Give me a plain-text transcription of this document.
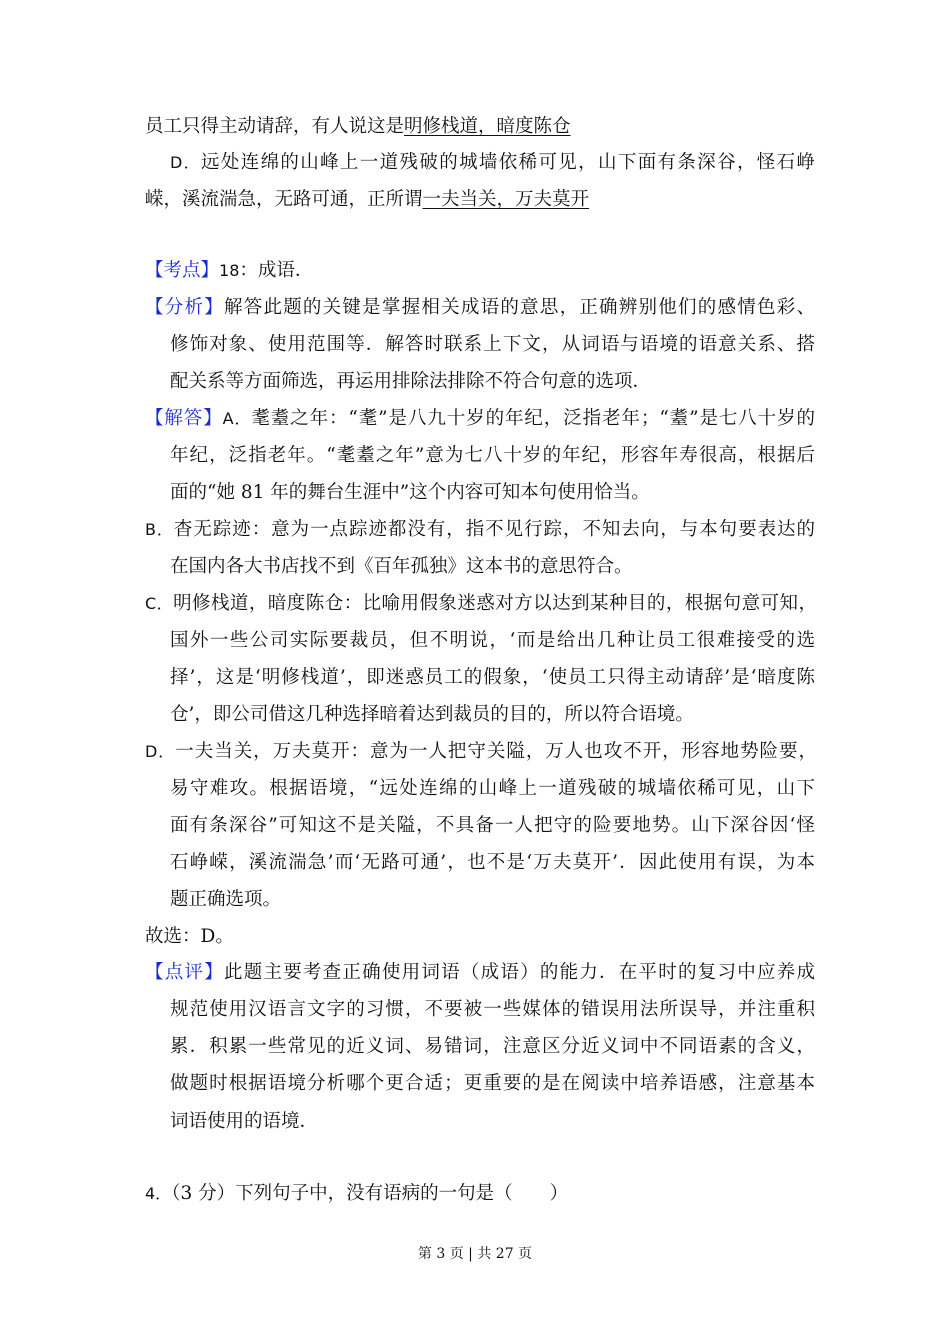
员工只得主动请辞，有人说这是明修栈道，暗度陈仓
D．远处连绵的山峰上一道残破的城墙依稀可见，山下面有条深谷，怪石峥
嵘，溪流湍急，无路可通，正所谓一夫当关，万夫莫开
【考点】18：成语．
【分析】解答此题的关键是掌握相关成语的意思，正确辨别他们的感情色彩、
修饰对象、使用范围等．解答时联系上下文，从词语与语境的语意关系、搭
配关系等方面筛选，再运用排除法排除不符合句意的选项．
【解答】A．耄耋之年：“耄”是八九十岁的年纪，泛指老年；“耋”是七八十岁的
年纪，泛指老年。“耄耋之年”意为七八十岁的年纪，形容年寿很高，根据后
面的“她 81 年的舞台生涯中”这个内容可知本句使用恰当。
B．杳无踪迹：意为一点踪迹都没有，指不见行踪，不知去向，与本句要表达的
在国内各大书店找不到《百年孤独》这本书的意思符合。
C．明修栈道，暗度陈仓：比喻用假象迷惑对方以达到某种目的，根据句意可知，
国外一些公司实际要裁员，但不明说，‘而是给出几种让员工很难接受的选
择’，这是‘明修栈道’，即迷惑员工的假象，‘使员工只得主动请辞’是‘暗度陈
仓’，即公司借这几种选择暗着达到裁员的目的，所以符合语境。
D．一夫当关，万夫莫开：意为一人把守关隘，万人也攻不开，形容地势险要，
易守难攻。根据语境，“远处连绵的山峰上一道残破的城墙依稀可见，山下
面有条深谷”可知这不是关隘，不具备一人把守的险要地势。山下深谷因‘怪
石峥嵘，溪流湍急’而‘无路可通’，也不是‘万夫莫开’．因此使用有误，为本
题正确选项。
故选：D。
【点评】此题主要考查正确使用词语（成语）的能力．在平时的复习中应养成
规范使用汉语言文字的习惯，不要被一些媒体的错误用法所误导，并注重积
累．积累一些常见的近义词、易错词，注意区分近义词中不同语素的含义，
做题时根据语境分析哪个更合适；更重要的是在阅读中培养语感，注意基本
词语使用的语境．
4．（3 分）下列句子中，没有语病的一句是（　　）
第 3 页 | 共 27 页
